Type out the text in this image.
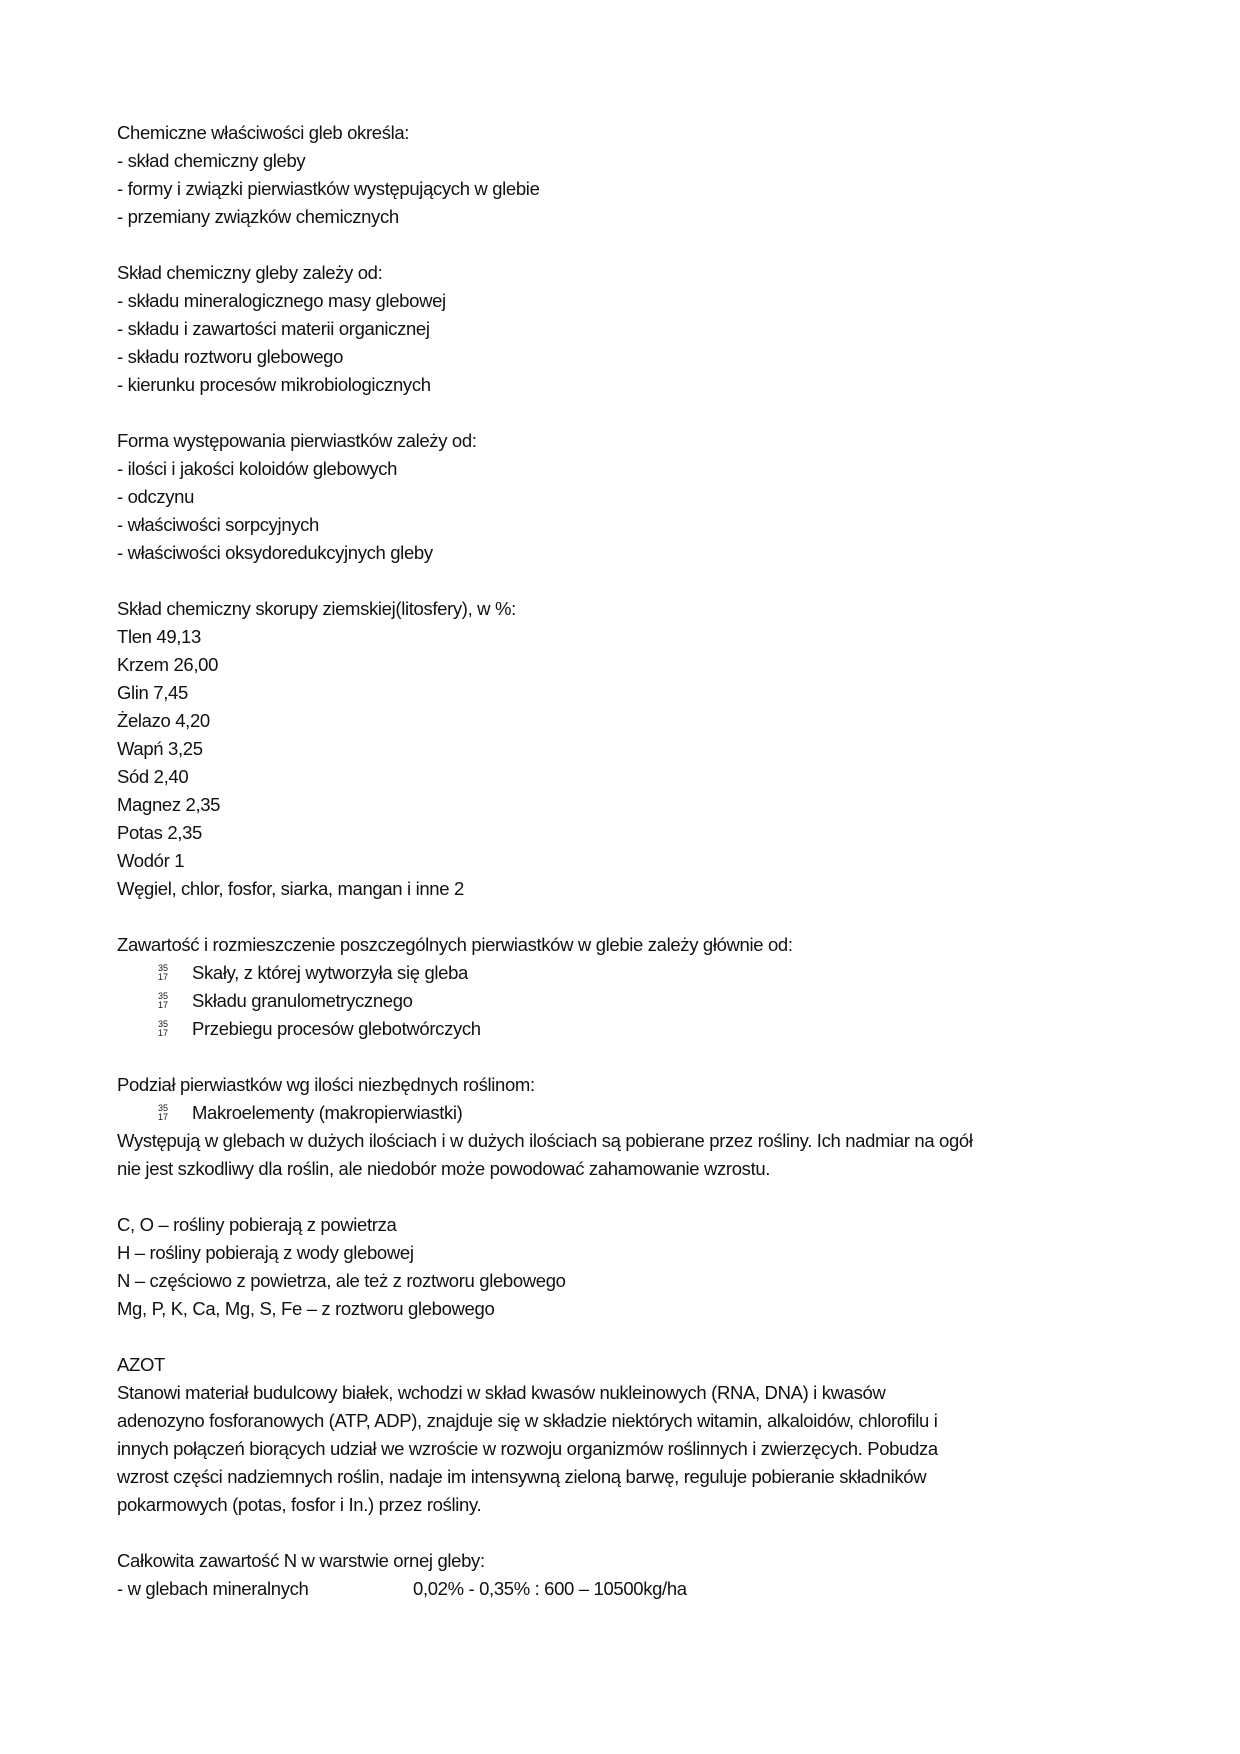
Chemiczne właściwości gleb określa:
- skład chemiczny gleby
- formy i związki pierwiastków występujących w glebie
- przemiany związków chemicznych
Skład chemiczny gleby zależy od:
- składu mineralogicznego masy glebowej
- składu i zawartości materii organicznej
- składu roztworu glebowego
- kierunku procesów mikrobiologicznych
Forma występowania pierwiastków zależy od:
- ilości i jakości koloidów glebowych
- odczynu
- właściwości sorpcyjnych
- właściwości oksydoredukcyjnych gleby
Skład chemiczny skorupy ziemskiej(litosfery), w %:
Tlen 49,13
Krzem 26,00
Glin 7,45
Żelazo 4,20
Wapń 3,25
Sód 2,40
Magnez 2,35
Potas 2,35
Wodór 1
Węgiel, chlor, fosfor, siarka, mangan i inne 2
Zawartość i rozmieszczenie poszczególnych pierwiastków w glebie zależy głównie od:
35
17 Skały, z której wytworzyła się gleba
35
17 Składu granulometrycznego
35
17 Przebiegu procesów glebotwórczych
Podział pierwiastków wg ilości niezbędnych roślinom:
35
17 Makroelementy (makropierwiastki)
Występują w glebach w dużych ilościach i w dużych ilościach są pobierane przez rośliny. Ich nadmiar na ogół
nie jest szkodliwy dla roślin, ale niedobór może powodować zahamowanie wzrostu.
C, O – rośliny pobierają z powietrza
H – rośliny pobierają z wody glebowej
N – częściowo z powietrza, ale też z roztworu glebowego
Mg, P, K, Ca, Mg, S, Fe – z roztworu glebowego
AZOT
Stanowi materiał budulcowy białek, wchodzi w skład kwasów nukleinowych (RNA, DNA) i kwasów
adenozyno fosforanowych (ATP, ADP), znajduje się w składzie niektórych witamin, alkaloidów, chlorofilu i
innych połączeń biorących udział we wzroście w rozwoju organizmów roślinnych i zwierzęcych. Pobudza
wzrost części nadziemnych roślin, nadaje im intensywną zieloną barwę, reguluje pobieranie składników
pokarmowych (potas, fosfor i In.) przez rośliny.
Całkowita zawartość N w warstwie ornej gleby:
- w glebach mineralnych	0,02% - 0,35% : 600 – 10500kg/ha
